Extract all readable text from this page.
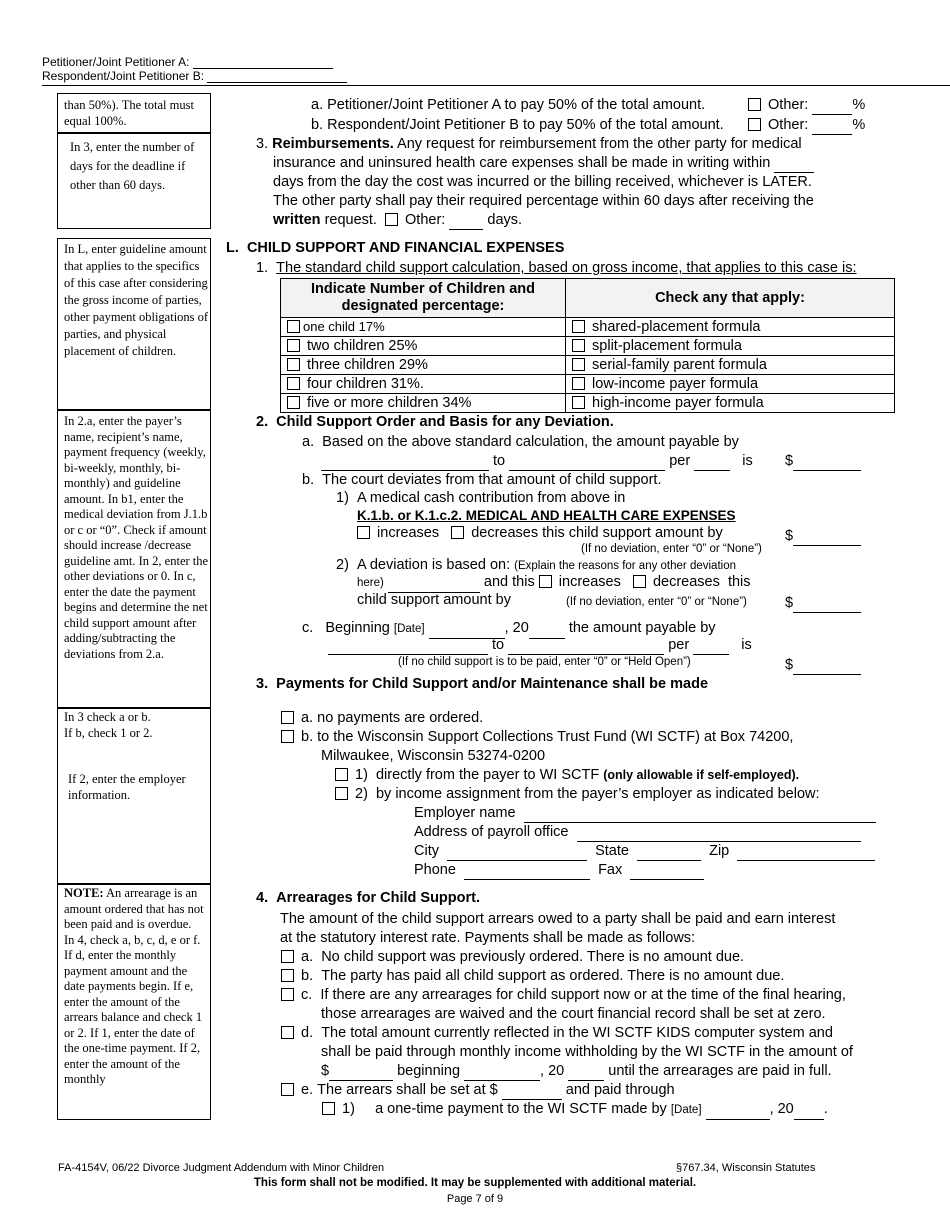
Petitioner/Joint Petitioner A:
Respondent/Joint Petitioner B:

than 50%). The total must equal 100%.

In 3, enter the number of days for the deadline if other than 60 days.

In L, enter guideline amount that applies to the specifics of this case after considering the gross income of parties, other payment obligations of parties, and physical placement of children.

In 2.a, enter the payer’s name, recipient’s name, payment frequency (weekly, bi-weekly, monthly, bi-monthly) and guideline amount. In b1, enter the medical deviation from J.1.b or c or “0”. Check if amount should increase /decrease guideline amt. In 2, enter the other deviations or 0. In c, enter the date the payment begins and determine the net child support amount after adding/subtracting the deviations from 2.a.

In 3 check a or b.

If b, check 1 or 2.

If 2, enter the employer information.

NOTE: An arrearage is an amount ordered that has not been paid and is overdue.

In 4, check a, b, c, d, e or f. If d, enter the monthly payment amount and the date payments begin. If e, enter the amount of the arrears balance and check 1 or 2. If 1, enter the date of the one-time payment. If 2, enter the amount of the monthly

a. Petitioner/Joint Petitioner A to pay 50% of the total amount.	Other:	%
b. Respondent/Joint Petitioner B to pay 50% of the total amount.	Other:	%
3. Reimbursements. Any request for reimbursement from the other party for medical
insurance and uninsured health care expenses shall be made in writing within
days from the day the cost was incurred or the billing received, whichever is LATER.
The other party shall pay their required percentage within 60 days after receiving the
written request. Other:	days.
L. CHILD SUPPORT AND FINANCIAL EXPENSES
1.  The standard child support calculation, based on gross income, that applies to this case is:
Indicate Number of Children and
designated percentage:	Check any that apply:
one child 17%	shared-placement formula
two children 25%	split-placement formula
three children 29%	serial-family parent formula
four children 31%.	low-income payer formula
five or more children 34%	high-income payer formula
2.  Child Support Order and Basis for any Deviation.
a.  Based on the above standard calculation, the amount payable by
to	per	is $
b.  The court deviates from that amount of child support.
1)  A medical cash contribution from above in
K.1.b. or K.1.c.2. MEDICAL AND HEALTH CARE EXPENSES
increases decreases this child support amount by
(If no deviation, enter “0” or “None”)
$
2)  A deviation is based on: (Explain the reasons for any other deviation
here)	and this increases decreases this
child support amount by	(If no deviation, enter “0” or “None”)	$
c.   Beginning [Date]	, 20	the amount payable by
to	per	is
(If no child support is to be paid, enter “0” or “Held Open”)	$
3.  Payments for Child Support and/or Maintenance shall be made
a. no payments are ordered.
b. to the Wisconsin Support Collections Trust Fund (WI SCTF) at Box 74200,
Milwaukee, Wisconsin 53274-0200
1)  directly from the payer to WI SCTF (only allowable if self-employed).
2)  by income assignment from the payer’s employer as indicated below:
Employer name
Address of payroll office
City	State	Zip
Phone	Fax
4.  Arrearages for Child Support.
The amount of the child support arrears owed to a party shall be paid and earn interest
at the statutory interest rate. Payments shall be made as follows:
a.  No child support was previously ordered. There is no amount due.
b.  The party has paid all child support as ordered. There is no amount due.
c.  If there are any arrearages for child support now or at the time of the final hearing,
those arrearages are waived and the court financial record shall be set at zero.
d.  The total amount currently reflected in the WI SCTF KIDS computer system and
shall be paid through monthly income withholding by the WI SCTF in the amount of
$	beginning	, 20	until the arrearages are paid in full.
e. The arrears shall be set at $	and paid through
1)     a one-time payment to the WI SCTF made by [Date]	, 20 .
FA-4154V, 06/22 Divorce Judgment Addendum with Minor Children	§767.34, Wisconsin Statutes
This form shall not be modified. It may be supplemented with additional material.
Page 7 of 9
